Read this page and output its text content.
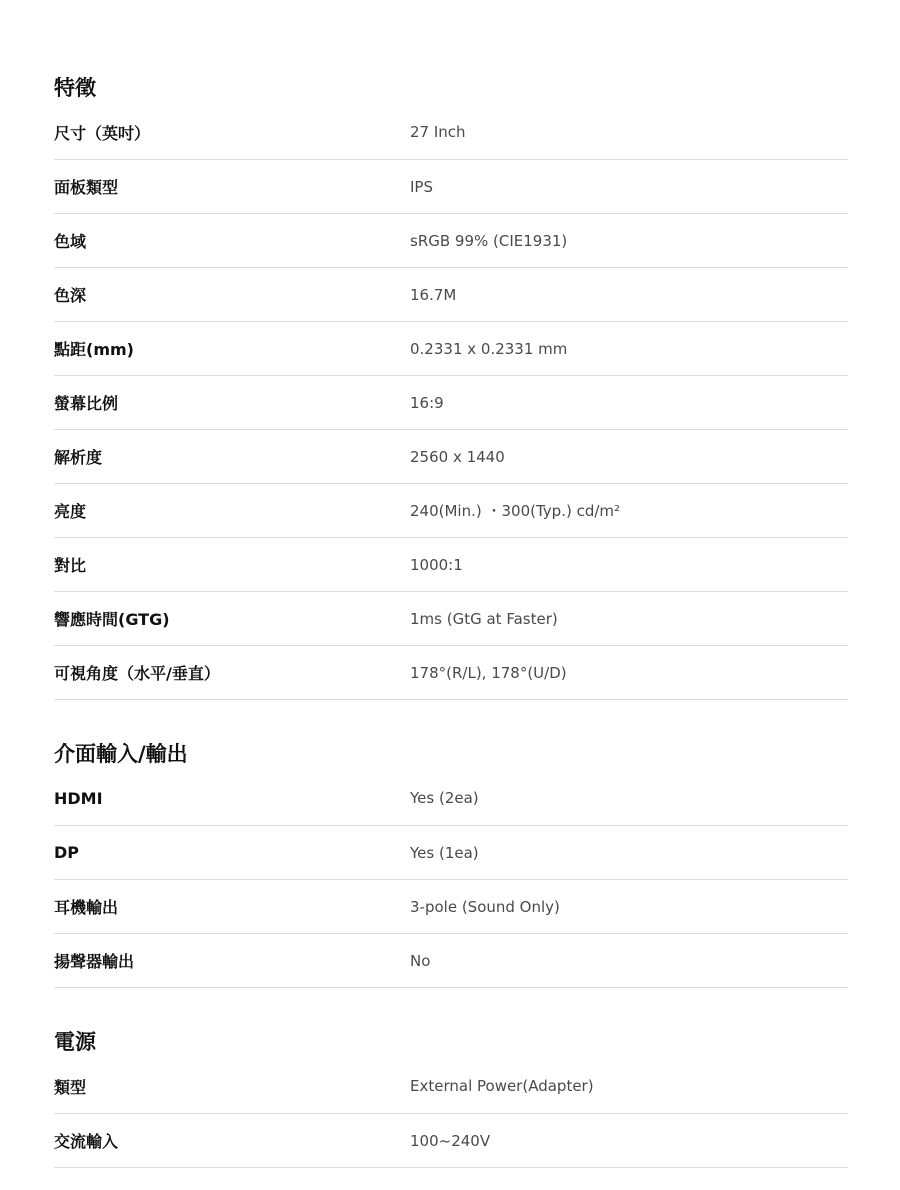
特徵
尺寸（英吋）	27 Inch
面板類型	IPS
色域	sRGB 99% (CIE1931)
色深	16.7M
點距(mm)	0.2331 x 0.2331 mm
螢幕比例	16:9
解析度	2560 x 1440
亮度	240(Min.) ・300(Typ.) cd/m²
對比	1000:1
響應時間(GTG)	1ms (GtG at Faster)
可視角度（水平/垂直）	178°(R/L), 178°(U/D)
介面輸入/輸出
HDMI	Yes (2ea)
DP	Yes (1ea)
耳機輸出	3-pole (Sound Only)
揚聲器輸出	No
電源
類型	External Power(Adapter)
交流輸入	100~240V
